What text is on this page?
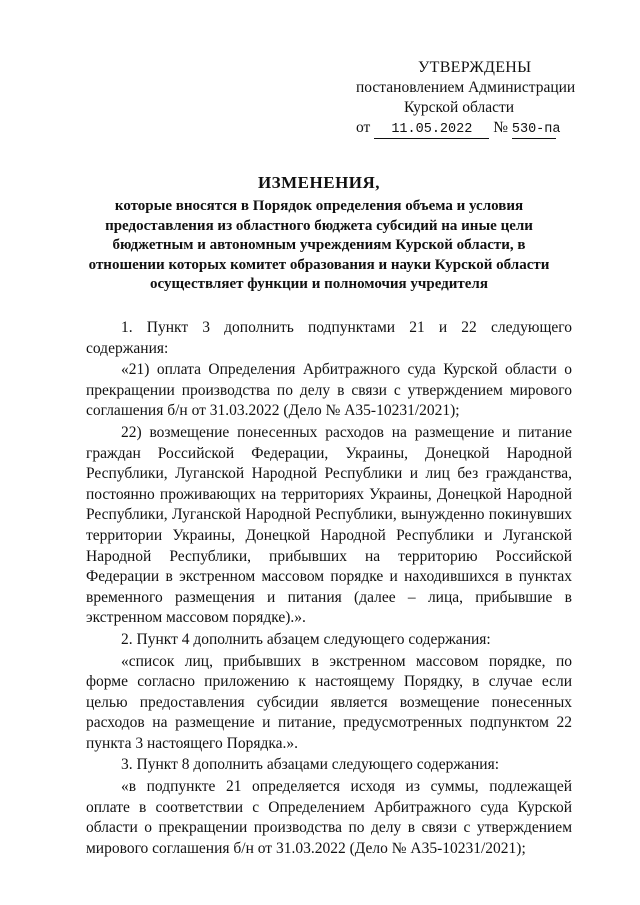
УТВЕРЖДЕНЫ
постановлением Администрации
Курской области
от 11.05.2022 № 530-па
ИЗМЕНЕНИЯ,
которые вносятся в Порядок определения объема и условия предоставления из областного бюджета субсидий на иные цели бюджетным и автономным учреждениям Курской области, в отношении которых комитет образования и науки Курской области осуществляет функции и полномочия учредителя

1. Пункт 3 дополнить подпунктами 21 и 22 следующего содержания:

«21) оплата Определения Арбитражного суда Курской области о прекращении производства по делу в связи с утверждением мирового соглашения б/н от 31.03.2022 (Дело № А35-10231/2021);

22) возмещение понесенных расходов на размещение и питание граждан Российской Федерации, Украины, Донецкой Народной Республики, Луганской Народной Республики и лиц без гражданства, постоянно проживающих на территориях Украины, Донецкой Народной Республики, Луганской Народной Республики, вынужденно покинувших территории Украины, Донецкой Народной Республики и Луганской Народной Республики, прибывших на территорию Российской Федерации в экстренном массовом порядке и находившихся в пунктах временного размещения и питания (далее – лица, прибывшие в экстренном массовом порядке).».

2. Пункт 4 дополнить абзацем следующего содержания:

«список лиц, прибывших в экстренном массовом порядке, по форме согласно приложению к настоящему Порядку, в случае если целью предоставления субсидии является возмещение понесенных расходов на размещение и питание, предусмотренных подпунктом 22 пункта 3 настоящего Порядка.».

3. Пункт 8 дополнить абзацами следующего содержания:

«в подпункте 21 определяется исходя из суммы, подлежащей оплате в соответствии с Определением Арбитражного суда Курской области о прекращении производства по делу в связи с утверждением мирового соглашения б/н от 31.03.2022 (Дело № А35-10231/2021);
